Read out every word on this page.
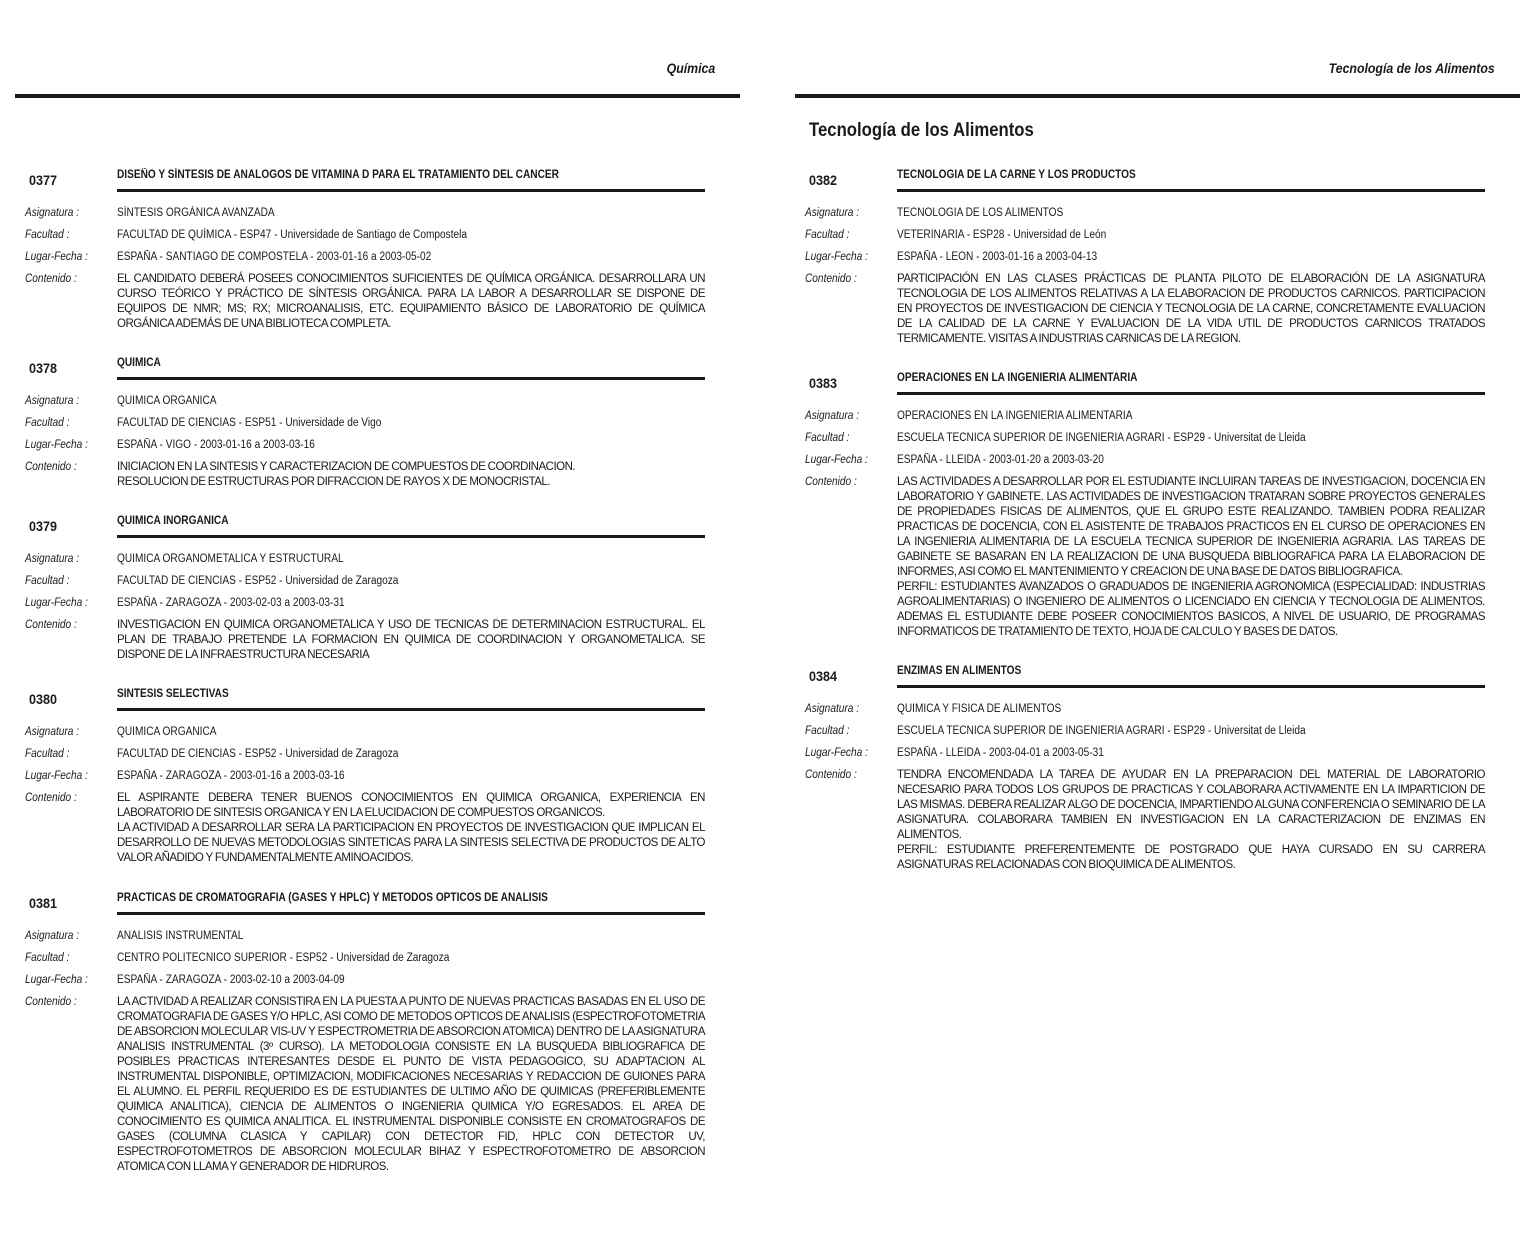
Química
0377	DISEÑO Y SÍNTESIS DE ANALOGOS DE VITAMINA D PARA EL TRATAMIENTO DEL CANCER
Asignatura :	SÍNTESIS ORGÁNICA AVANZADA
Facultad :	FACULTAD DE QUÍMICA - ESP47 - Universidade de Santiago de Compostela
Lugar-Fecha :	ESPAÑA - SANTIAGO DE COMPOSTELA - 2003-01-16 a 2003-05-02
Contenido :	EL CANDIDATO DEBERÁ POSEES CONOCIMIENTOS SUFICIENTES DE QUÍMICA ORGÁNICA. DESARROLLARA UN CURSO TEÓRICO Y PRÁCTICO DE SÍNTESIS ORGÁNICA. PARA LA LABOR A DESARROLLAR SE DISPONE DE EQUIPOS DE NMR; MS; RX; MICROANALISIS, ETC. EQUIPAMIENTO BÁSICO DE LABORATORIO DE QUÍMICA ORGÁNICA ADEMÁS DE UNA BIBLIOTECA COMPLETA.
0378	QUIMICA
Asignatura :	QUIMICA ORGANICA
Facultad :	FACULTAD DE CIENCIAS - ESP51 - Universidade de Vigo
Lugar-Fecha :	ESPAÑA - VIGO - 2003-01-16 a 2003-03-16
Contenido :	INICIACION EN LA SINTESIS Y CARACTERIZACION DE COMPUESTOS DE COORDINACION.
RESOLUCION DE ESTRUCTURAS POR DIFRACCION DE RAYOS X DE MONOCRISTAL.
0379	QUIMICA INORGANICA
Asignatura :	QUIMICA ORGANOMETALICA Y ESTRUCTURAL
Facultad :	FACULTAD DE CIENCIAS - ESP52 - Universidad de Zaragoza
Lugar-Fecha :	ESPAÑA - ZARAGOZA - 2003-02-03 a 2003-03-31
Contenido :	INVESTIGACION EN QUIMICA ORGANOMETALICA Y USO DE TECNICAS DE DETERMINACION ESTRUCTURAL. EL PLAN DE TRABAJO PRETENDE LA FORMACION EN QUIMICA DE COORDINACION Y ORGANOMETALICA. SE DISPONE DE LA INFRAESTRUCTURA NECESARIA
0380	SINTESIS SELECTIVAS
Asignatura :	QUIMICA ORGANICA
Facultad :	FACULTAD DE CIENCIAS - ESP52 - Universidad de Zaragoza
Lugar-Fecha :	ESPAÑA - ZARAGOZA - 2003-01-16 a 2003-03-16
Contenido :	EL ASPIRANTE DEBERA TENER BUENOS CONOCIMIENTOS EN QUIMICA ORGANICA, EXPERIENCIA EN LABORATORIO DE SINTESIS ORGANICA Y EN LA ELUCIDACION DE COMPUESTOS ORGANICOS.
LA ACTIVIDAD A DESARROLLAR SERA LA PARTICIPACION EN PROYECTOS DE INVESTIGACION QUE IMPLICAN EL DESARROLLO DE NUEVAS METODOLOGIAS SINTETICAS PARA LA SINTESIS SELECTIVA DE PRODUCTOS DE ALTO VALOR AÑADIDO Y FUNDAMENTALMENTE AMINOACIDOS.
0381	PRACTICAS DE CROMATOGRAFIA (GASES Y HPLC) Y METODOS OPTICOS DE ANALISIS
Asignatura :	ANALISIS INSTRUMENTAL
Facultad :	CENTRO POLITECNICO SUPERIOR - ESP52 - Universidad de Zaragoza
Lugar-Fecha :	ESPAÑA - ZARAGOZA - 2003-02-10 a 2003-04-09
Contenido :	LA ACTIVIDAD A REALIZAR CONSISTIRA EN LA PUESTA A PUNTO DE NUEVAS PRACTICAS BASADAS EN EL USO DE CROMATOGRAFIA DE GASES Y/O HPLC, ASI COMO DE METODOS OPTICOS DE ANALISIS (ESPECTROFOTOMETRIA DE ABSORCION MOLECULAR VIS-UV Y ESPECTROMETRIA DE ABSORCION ATOMICA) DENTRO DE LA ASIGNATURA ANALISIS INSTRUMENTAL (3º CURSO). LA METODOLOGIA CONSISTE EN LA BUSQUEDA BIBLIOGRAFICA DE POSIBLES PRACTICAS INTERESANTES DESDE EL PUNTO DE VISTA PEDAGOGICO, SU ADAPTACION AL INSTRUMENTAL DISPONIBLE, OPTIMIZACION, MODIFICACIONES NECESARIAS Y REDACCION DE GUIONES PARA EL ALUMNO. EL PERFIL REQUERIDO ES DE ESTUDIANTES DE ULTIMO AÑO DE QUIMICAS (PREFERIBLEMENTE QUIMICA ANALITICA), CIENCIA DE ALIMENTOS O INGENIERIA QUIMICA Y/O EGRESADOS. EL AREA DE CONOCIMIENTO ES QUIMICA ANALITICA. EL INSTRUMENTAL DISPONIBLE CONSISTE EN CROMATOGRAFOS DE GASES (COLUMNA CLASICA Y CAPILAR) CON DETECTOR FID, HPLC CON DETECTOR UV, ESPECTROFOTOMETROS DE ABSORCION MOLECULAR BIHAZ Y ESPECTROFOTOMETRO DE ABSORCION ATOMICA CON LLAMA Y GENERADOR DE HIDRUROS.
Tecnología de los Alimentos
Tecnología de los Alimentos
0382	TECNOLOGIA DE LA CARNE Y LOS PRODUCTOS
Asignatura :	TECNOLOGIA DE LOS ALIMENTOS
Facultad :	VETERINARIA - ESP28 - Universidad de León
Lugar-Fecha :	ESPAÑA - LEON - 2003-01-16 a 2003-04-13
Contenido :	PARTICIPACIÓN EN LAS CLASES PRÁCTICAS DE PLANTA PILOTO DE ELABORACIÓN DE LA ASIGNATURA TECNOLOGIA DE LOS ALIMENTOS RELATIVAS A LA ELABORACION DE PRODUCTOS CARNICOS. PARTICIPACION EN PROYECTOS DE INVESTIGACION DE CIENCIA Y TECNOLOGIA DE LA CARNE, CONCRETAMENTE EVALUACION DE LA CALIDAD DE LA CARNE Y EVALUACION DE LA VIDA UTIL DE PRODUCTOS CARNICOS TRATADOS TERMICAMENTE. VISITAS A INDUSTRIAS CARNICAS DE LA REGION.
0383	OPERACIONES EN LA INGENIERIA ALIMENTARIA
Asignatura :	OPERACIONES EN LA INGENIERIA ALIMENTARIA
Facultad :	ESCUELA TECNICA SUPERIOR DE INGENIERIA AGRARI - ESP29 - Universitat de Lleida
Lugar-Fecha :	ESPAÑA - LLEIDA - 2003-01-20 a 2003-03-20
Contenido :	LAS ACTIVIDADES A DESARROLLAR POR EL ESTUDIANTE INCLUIRAN TAREAS DE INVESTIGACION, DOCENCIA EN LABORATORIO Y GABINETE. LAS ACTIVIDADES DE INVESTIGACION TRATARAN SOBRE PROYECTOS GENERALES DE PROPIEDADES FISICAS DE ALIMENTOS, QUE EL GRUPO ESTE REALIZANDO. TAMBIEN PODRA REALIZAR PRACTICAS DE DOCENCIA, CON EL ASISTENTE DE TRABAJOS PRACTICOS EN EL CURSO DE OPERACIONES EN LA INGENIERIA ALIMENTARIA DE LA ESCUELA TECNICA SUPERIOR DE INGENIERIA AGRARIA. LAS TAREAS DE GABINETE SE BASARAN EN LA REALIZACION DE UNA BUSQUEDA BIBLIOGRAFICA PARA LA ELABORACION DE INFORMES, ASI COMO EL MANTENIMIENTO Y CREACION DE UNA BASE DE DATOS BIBLIOGRAFICA.
PERFIL: ESTUDIANTES AVANZADOS O GRADUADOS DE INGENIERIA AGRONOMICA (ESPECIALIDAD: INDUSTRIAS AGROALIMENTARIAS) O INGENIERO DE ALIMENTOS O LICENCIADO EN CIENCIA Y TECNOLOGIA DE ALIMENTOS. ADEMAS EL ESTUDIANTE DEBE POSEER CONOCIMIENTOS BASICOS, A NIVEL DE USUARIO, DE PROGRAMAS INFORMATICOS DE TRATAMIENTO DE TEXTO, HOJA DE CALCULO Y BASES DE DATOS.
0384	ENZIMAS EN ALIMENTOS
Asignatura :	QUIMICA Y FISICA DE ALIMENTOS
Facultad :	ESCUELA TECNICA SUPERIOR DE INGENIERIA AGRARI - ESP29 - Universitat de Lleida
Lugar-Fecha :	ESPAÑA - LLEIDA - 2003-04-01 a 2003-05-31
Contenido :	TENDRA ENCOMENDADA LA TAREA DE AYUDAR EN LA PREPARACION DEL MATERIAL DE LABORATORIO NECESARIO PARA TODOS LOS GRUPOS DE PRACTICAS Y COLABORARA ACTIVAMENTE EN LA IMPARTICION DE LAS MISMAS. DEBERA REALIZAR ALGO DE DOCENCIA, IMPARTIENDO ALGUNA CONFERENCIA O SEMINARIO DE LA ASIGNATURA. COLABORARA TAMBIEN EN INVESTIGACION EN LA CARACTERIZACION DE ENZIMAS EN ALIMENTOS.
PERFIL: ESTUDIANTE PREFERENTEMENTE DE POSTGRADO QUE HAYA CURSADO EN SU CARRERA ASIGNATURAS RELACIONADAS CON BIOQUIMICA DE ALIMENTOS.
